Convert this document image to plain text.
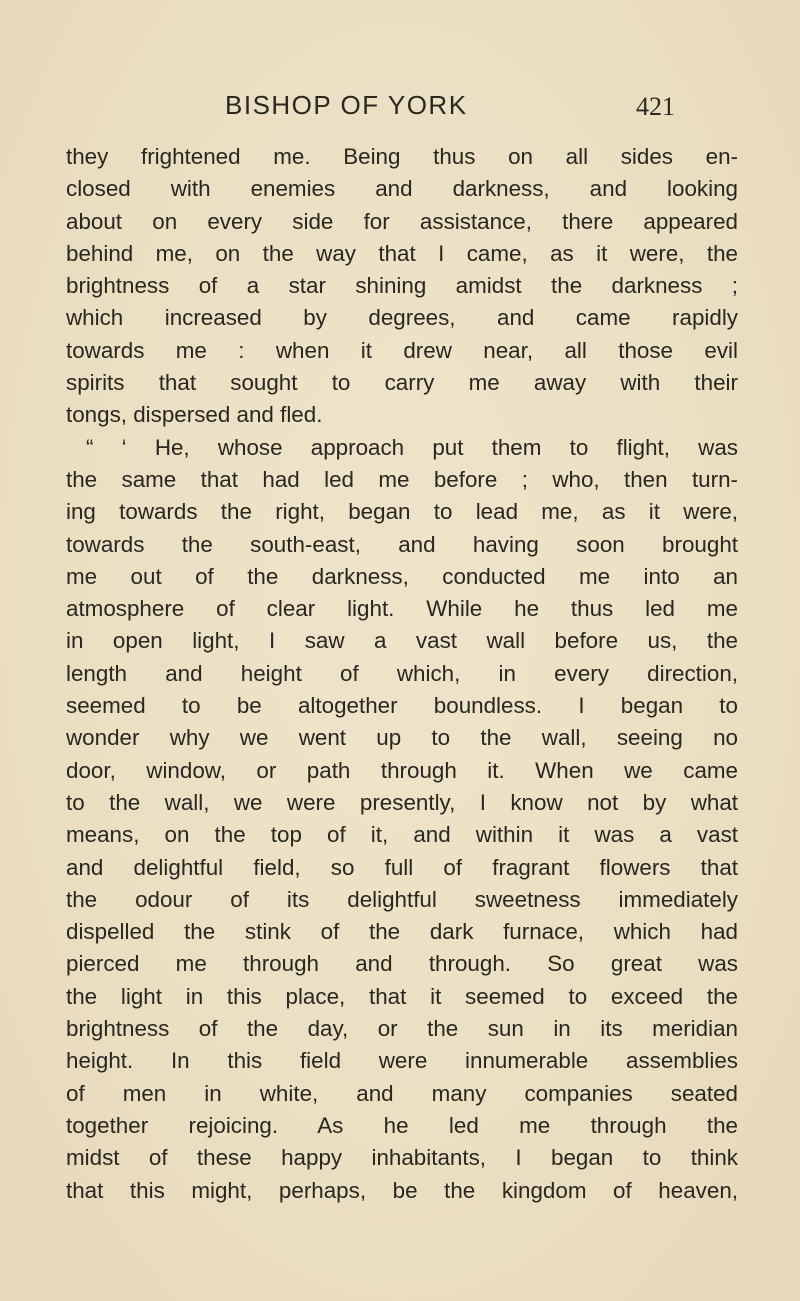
BISHOP OF YORK	421
they frightened me. Being thus on all sides en-
closed with enemies and darkness, and looking
about on every side for assistance, there appeared
behind me, on the way that I came, as it were, the
brightness of a star shining amidst the darkness ;
which increased by degrees, and came rapidly
towards me : when it drew near, all those evil
spirits that sought to carry me away with their
tongs, dispersed and fled.
“ ‘ He, whose approach put them to flight, was
the same that had led me before ; who, then turn-
ing towards the right, began to lead me, as it were,
towards the south-east, and having soon brought
me out of the darkness, conducted me into an
atmosphere of clear light. While he thus led me
in open light, I saw a vast wall before us, the
length and height of which, in every direction,
seemed to be altogether boundless. I began to
wonder why we went up to the wall, seeing no
door, window, or path through it. When we came
to the wall, we were presently, I know not by what
means, on the top of it, and within it was a vast
and delightful field, so full of fragrant flowers that
the odour of its delightful sweetness immediately
dispelled the stink of the dark furnace, which had
pierced me through and through. So great was
the light in this place, that it seemed to exceed the
brightness of the day, or the sun in its meridian
height. In this field were innumerable assemblies
of men in white, and many companies seated
together rejoicing. As he led me through the
midst of these happy inhabitants, I began to think
that this might, perhaps, be the kingdom of heaven,
